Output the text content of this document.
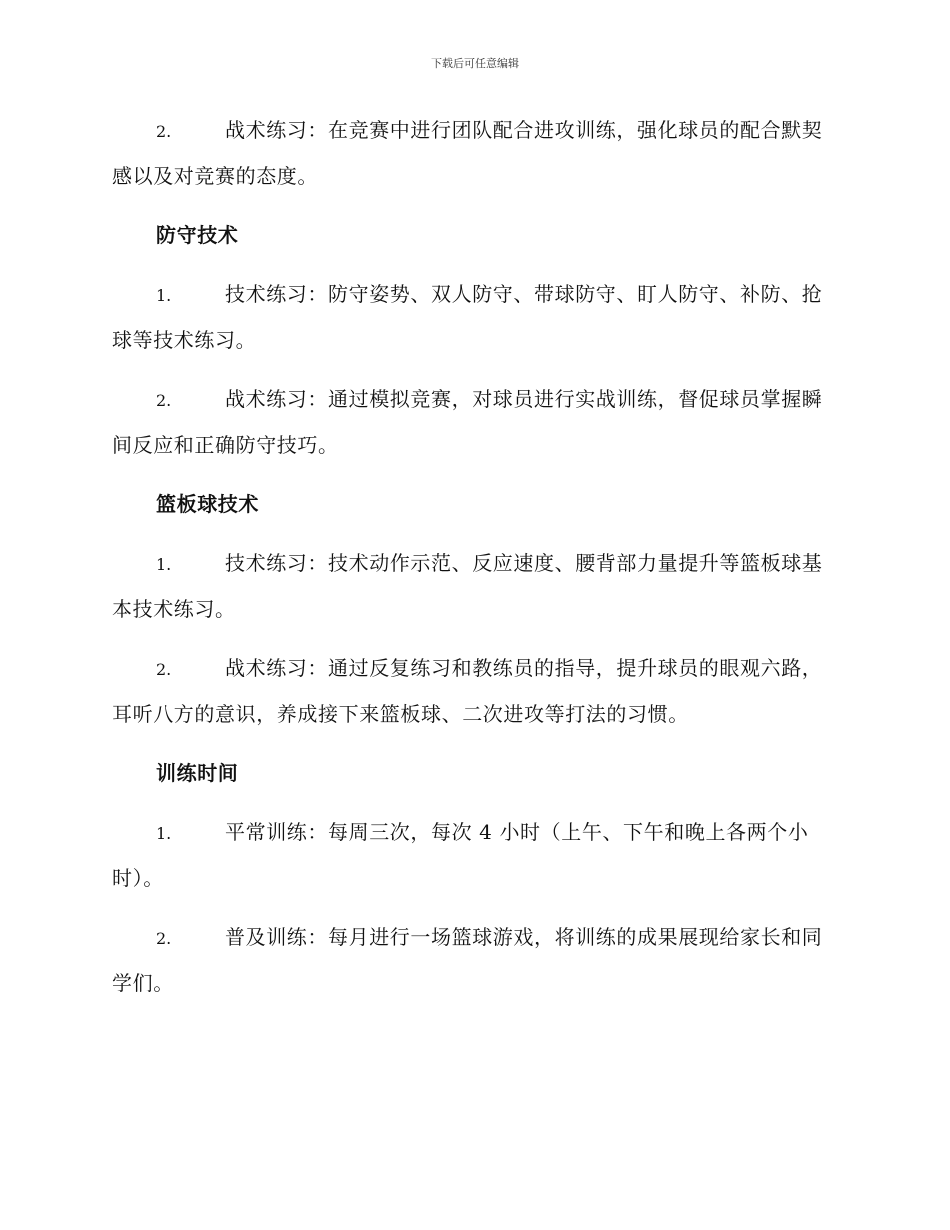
下载后可任意编辑

2.	战术练习：在竞赛中进行团队配合进攻训练，强化球员的配合默契感以及对竞赛的态度。

防守技术

1.	技术练习：防守姿势、双人防守、带球防守、盯人防守、补防、抢球等技术练习。

2.	战术练习：通过模拟竞赛，对球员进行实战训练，督促球员掌握瞬间反应和正确防守技巧。

篮板球技术

1.	技术练习：技术动作示范、反应速度、腰背部力量提升等篮板球基本技术练习。

2.	战术练习：通过反复练习和教练员的指导，提升球员的眼观六路，耳听八方的意识，养成接下来篮板球、二次进攻等打法的习惯。

训练时间

1.	平常训练：每周三次，每次 4 小时（上午、下午和晚上各两个小时）。

2.	普及训练：每月进行一场篮球游戏，将训练的成果展现给家长和同学们。
